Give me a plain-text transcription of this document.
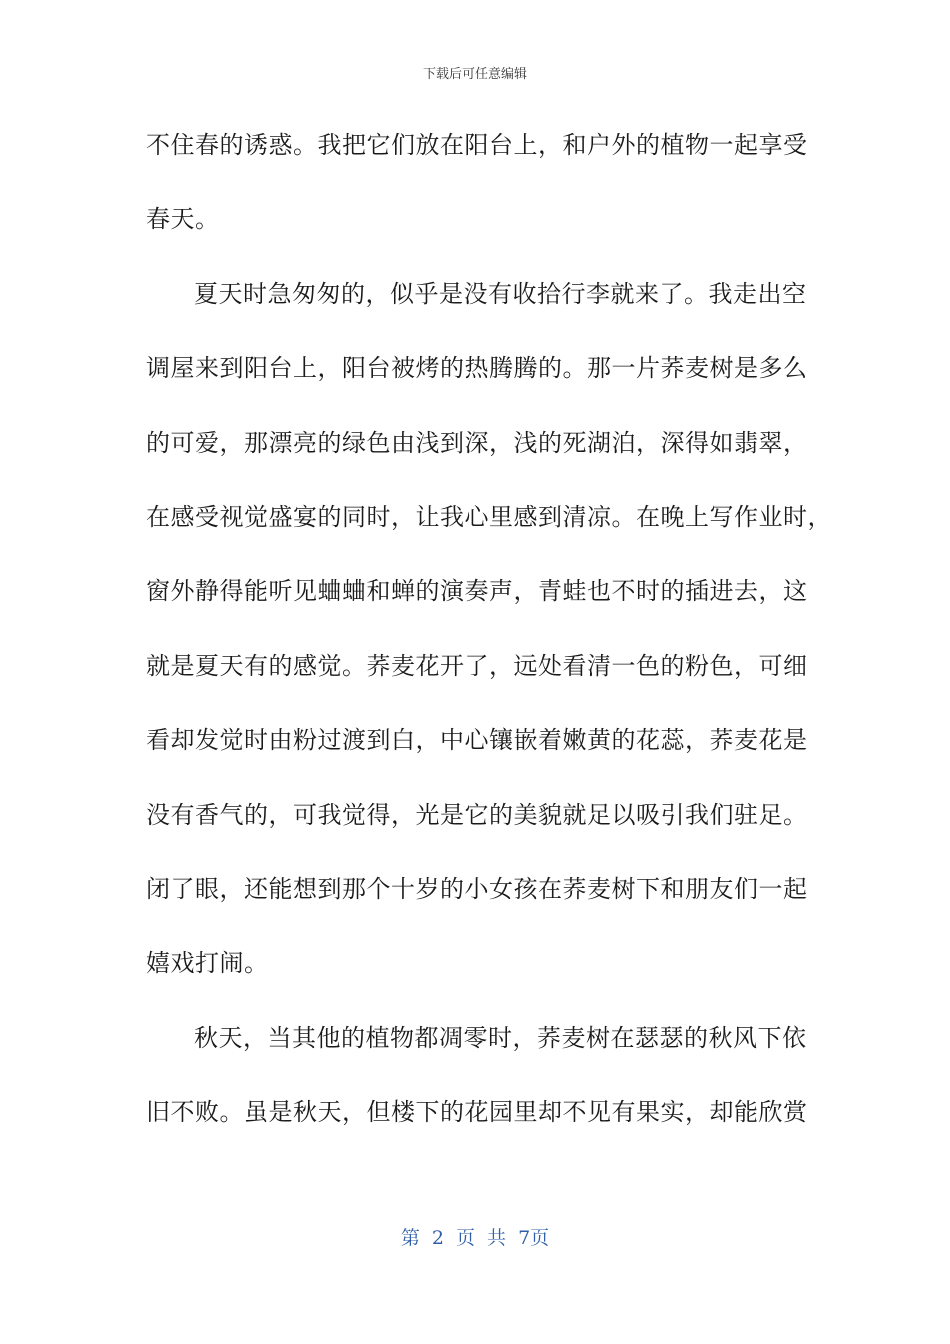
下载后可任意编辑
不住春的诱惑。我把它们放在阳台上，和户外的植物一起享受
春天。
夏天时急匆匆的，似乎是没有收拾行李就来了。我走出空
调屋来到阳台上，阳台被烤的热腾腾的。那一片荞麦树是多么
的可爱，那漂亮的绿色由浅到深，浅的死湖泊，深得如翡翠，
在感受视觉盛宴的同时，让我心里感到清凉。在晚上写作业时，
窗外静得能听见蛐蛐和蝉的演奏声，青蛙也不时的插进去，这
就是夏天有的感觉。荞麦花开了，远处看清一色的粉色，可细
看却发觉时由粉过渡到白，中心镶嵌着嫩黄的花蕊，荞麦花是
没有香气的，可我觉得，光是它的美貌就足以吸引我们驻足。
闭了眼，还能想到那个十岁的小女孩在荞麦树下和朋友们一起
嬉戏打闹。
秋天，当其他的植物都凋零时，荞麦树在瑟瑟的秋风下依
旧不败。虽是秋天，但楼下的花园里却不见有果实，却能欣赏
第 2 页 共 7页
